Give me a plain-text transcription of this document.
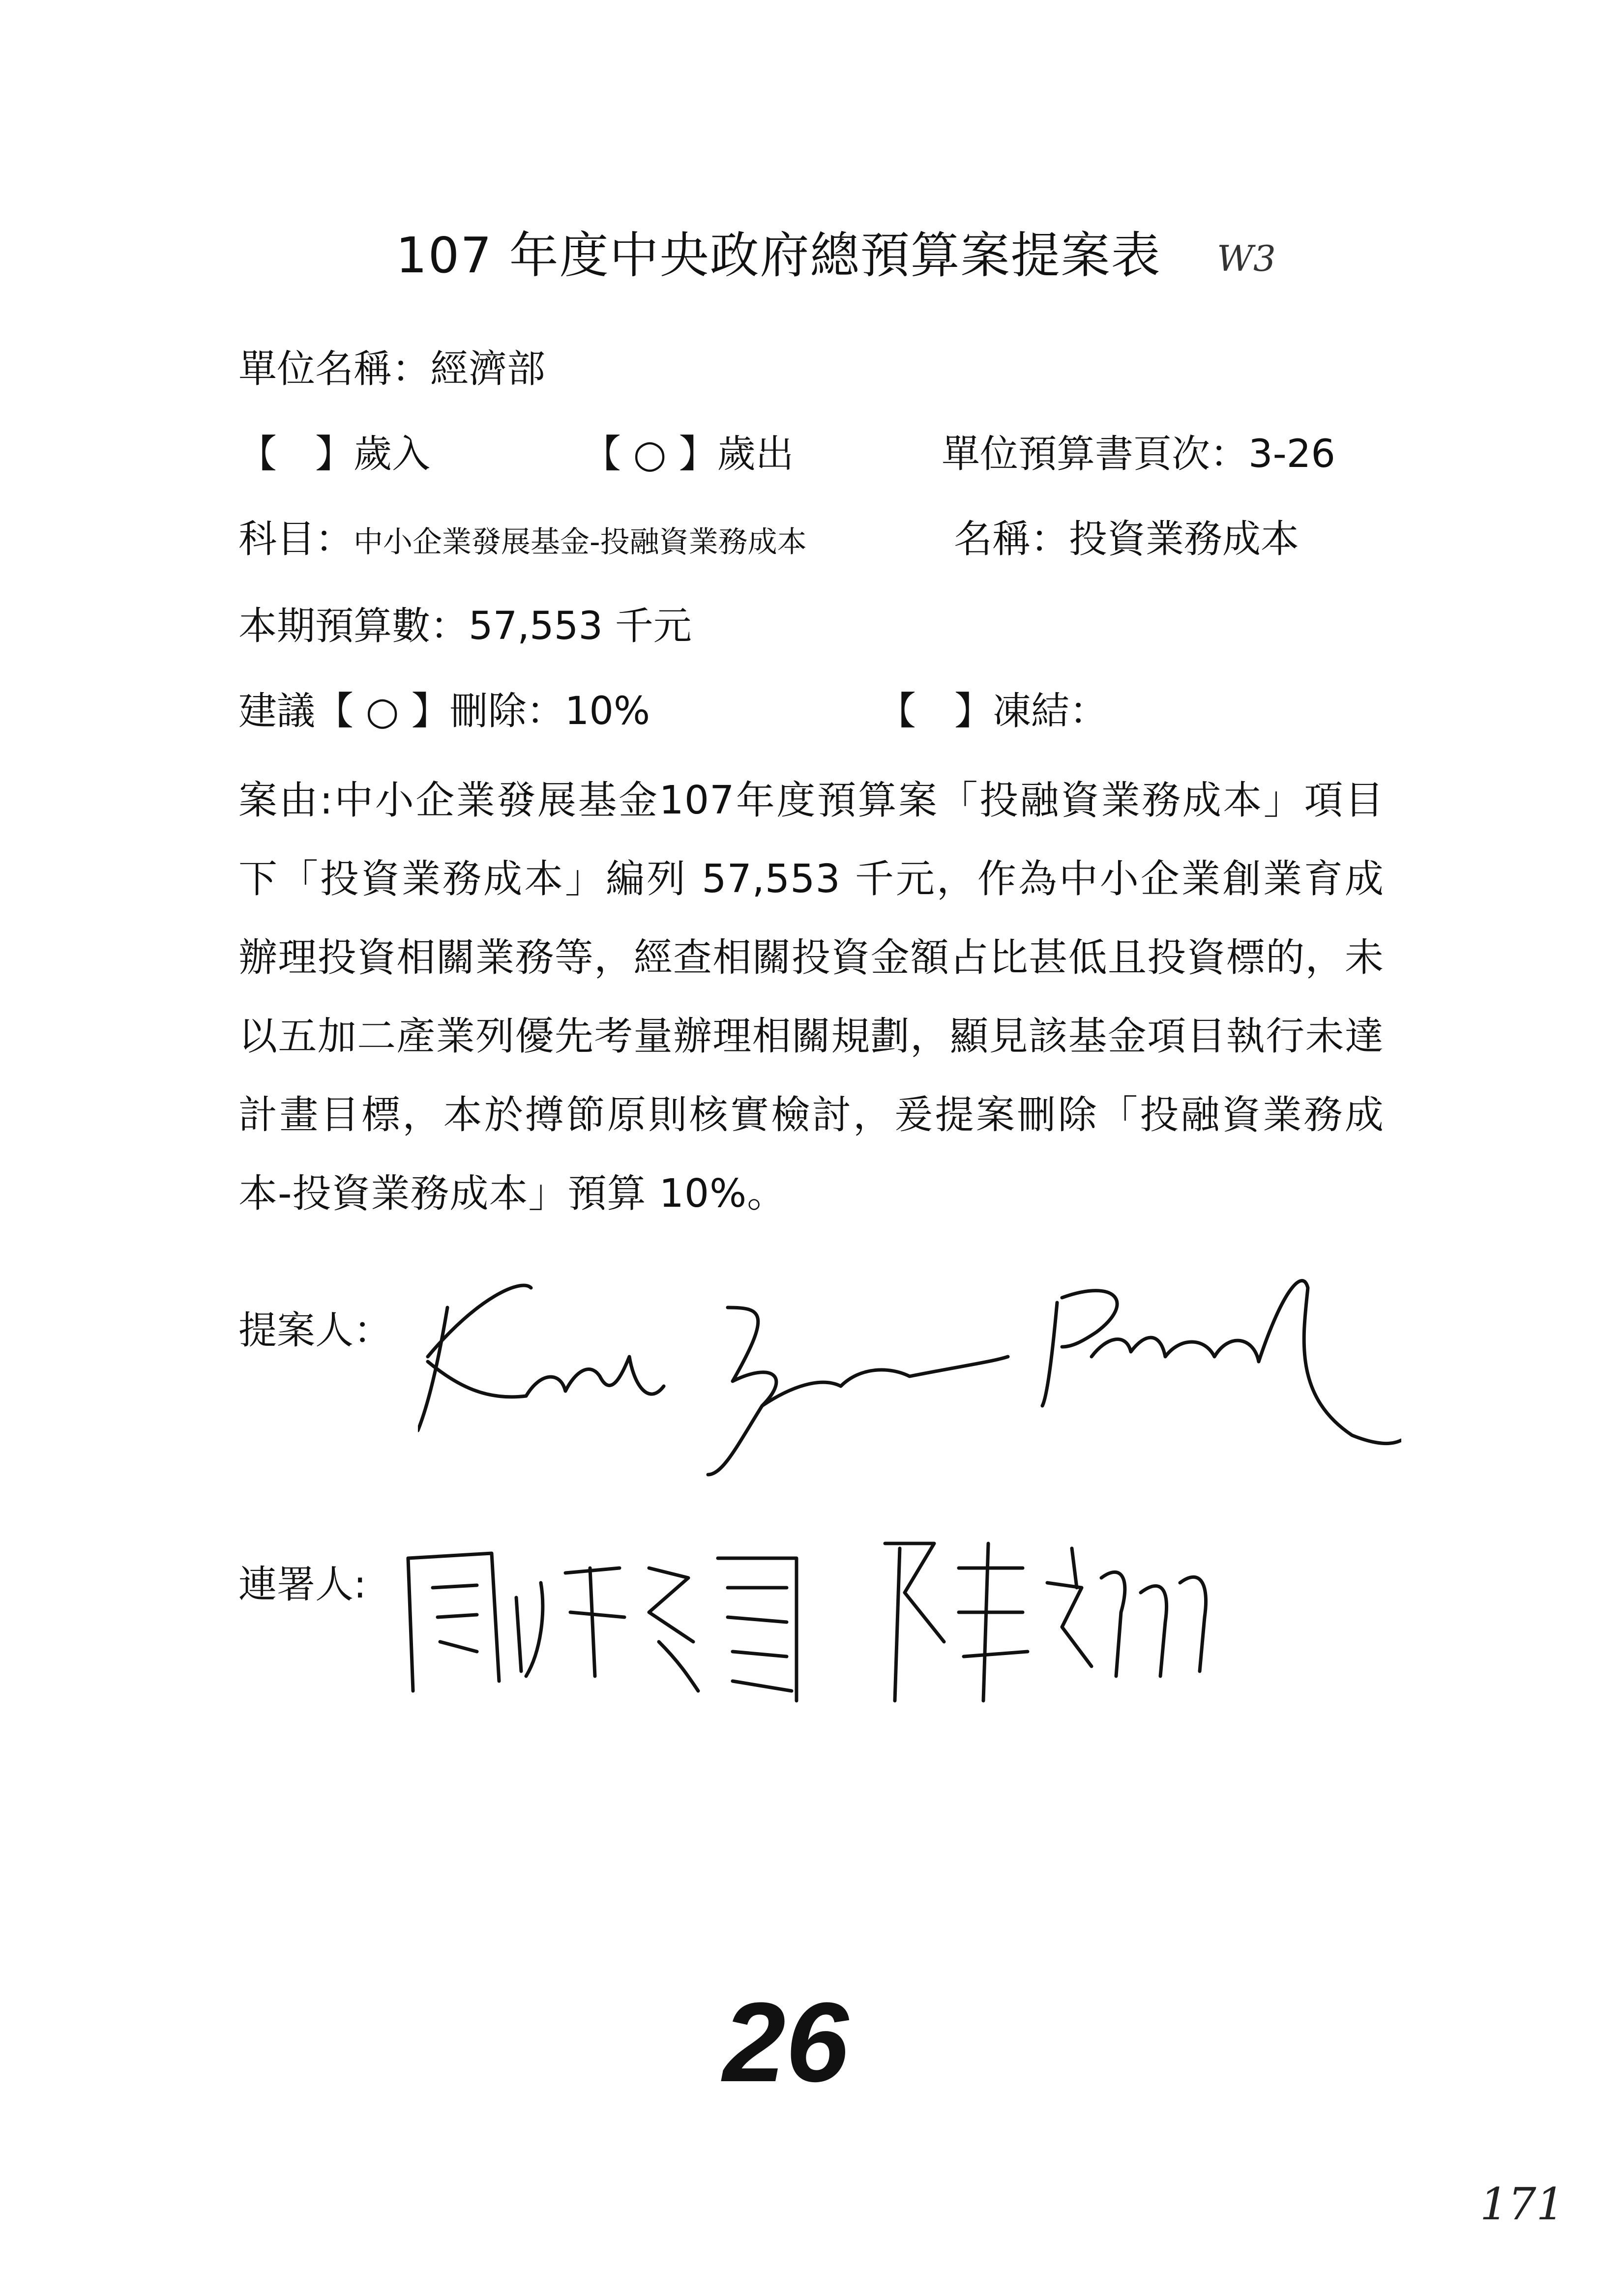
107 年度中央政府總預算案提案表 W3
單位名稱：經濟部
【　】歲入	【 ○ 】歲出	單位預算書頁次：3-26
科目：中小企業發展基金-投融資業務成本	名稱：投資業務成本
本期預算數：57,553 千元
建議【 ○ 】刪除：10%	【　】凍結：
案由:中小企業發展基金107年度預算案「投融資業務成本」項目下「投資業務成本」編列 57,553 千元，作為中小企業創業育成辦理投資相關業務等，經查相關投資金額占比甚低且投資標的，未以五加二產業列優先考量辦理相關規劃，顯見該基金項目執行未達計畫目標，本於撙節原則核實檢討，爰提案刪除「投融資業務成本-投資業務成本」預算 10%。
提案人：
連署人:
26
171
